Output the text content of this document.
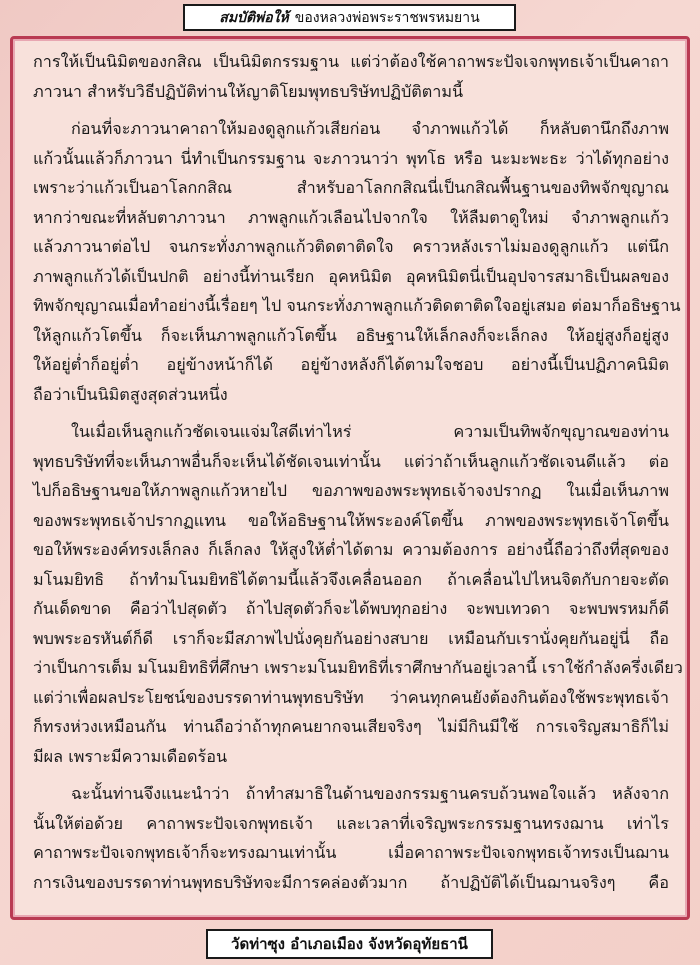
สมบัติพ่อให้ ของหลวงพ่อพระราชพรหมยาน

การให้เป็นนิมิตของกสิณ เป็นนิมิตกรรมฐาน แต่ว่าต้องใช้คาถาพระปัจเจกพุทธเจ้าเป็นคาถา
ภาวนา สำหรับวิธีปฏิบัติท่านให้ญาติโยมพุทธบริษัทปฏิบัติตามนี้

ก่อนที่จะภาวนาคาถาให้มองดูลูกแก้วเสียก่อน จำภาพแก้วได้ ก็หลับตานึกถึงภาพ
แก้วนั้นแล้วก็ภาวนา นี่ทำเป็นกรรมฐาน จะภาวนาว่า พุทโธ หรือ นะมะพะธะ ว่าได้ทุกอย่าง
เพราะว่าแก้วเป็นอาโลกกสิณ สำหรับอาโลกกสิณนี่เป็นกสิณพื้นฐานของทิพจักขุญาณ
หากว่าขณะที่หลับตาภาวนา ภาพลูกแก้วเลือนไปจากใจ ให้ลืมตาดูใหม่ จำภาพลูกแก้ว
แล้วภาวนาต่อไป จนกระทั่งภาพลูกแก้วติดตาติดใจ คราวหลังเราไม่มองดูลูกแก้ว แต่นึก
ภาพลูกแก้วได้เป็นปกติ อย่างนี้ท่านเรียก อุคหนิมิต อุคหนิมิตนี่เป็นอุปจารสมาธิเป็นผลของ
ทิพจักขุญาณเมื่อทำอย่างนี้เรื่อยๆ ไป จนกระทั่งภาพลูกแก้วติดตาติดใจอยู่เสมอ ต่อมาก็อธิษฐาน
ให้ลูกแก้วโตขึ้น ก็จะเห็นภาพลูกแก้วโตขึ้น อธิษฐานให้เล็กลงก็จะเล็กลง ให้อยู่สูงก็อยู่สูง
ให้อยู่ต่ำก็อยู่ต่ำ อยู่ข้างหน้าก็ได้ อยู่ข้างหลังก็ได้ตามใจชอบ อย่างนี้เป็นปฏิภาคนิมิต
ถือว่าเป็นนิมิตสูงสุดส่วนหนึ่ง

ในเมื่อเห็นลูกแก้วชัดเจนแจ่มใสดีเท่าไหร่ ความเป็นทิพจักขุญาณของท่าน
พุทธบริษัทที่จะเห็นภาพอื่นก็จะเห็นได้ชัดเจนเท่านั้น แต่ว่าถ้าเห็นลูกแก้วชัดเจนดีแล้ว ต่อ
ไปก็อธิษฐานขอให้ภาพลูกแก้วหายไป ขอภาพของพระพุทธเจ้าจงปรากฏ ในเมื่อเห็นภาพ
ของพระพุทธเจ้าปรากฏแทน ขอให้อธิษฐานให้พระองค์โตขึ้น ภาพของพระพุทธเจ้าโตขึ้น
ขอให้พระองค์ทรงเล็กลง ก็เล็กลง ให้สูงให้ต่ำได้ตาม ความต้องการ อย่างนี้ถือว่าถึงที่สุดของ
มโนมยิทธิ ถ้าทำมโนมยิทธิได้ตามนี้แล้วจึงเคลื่อนออก ถ้าเคลื่อนไปไหนจิตกับกายจะตัด
กันเด็ดขาด คือว่าไปสุดตัว ถ้าไปสุดตัวก็จะได้พบทุกอย่าง จะพบเทวดา จะพบพรหมก็ดี
พบพระอรหันต์ก็ดี เราก็จะมีสภาพไปนั่งคุยกันอย่างสบาย เหมือนกับเรานั่งคุยกันอยู่นี่ ถือ
ว่าเป็นการเต็ม มโนมยิทธิที่ศึกษา เพราะมโนมยิทธิที่เราศึกษากันอยู่เวลานี้ เราใช้กำลังครึ่งเดียว
แต่ว่าเพื่อผลประโยชน์ของบรรดาท่านพุทธบริษัท ว่าคนทุกคนยังต้องกินต้องใช้พระพุทธเจ้า
ก็ทรงห่วงเหมือนกัน ท่านถือว่าถ้าทุกคนยากจนเสียจริงๆ ไม่มีกินมีใช้ การเจริญสมาธิก็ไม่
มีผล เพราะมีความเดือดร้อน

ฉะนั้นท่านจึงแนะนำว่า ถ้าทำสมาธิในด้านของกรรมฐานครบถ้วนพอใจแล้ว หลังจาก
นั้นให้ต่อด้วย คาถาพระปัจเจกพุทธเจ้า และเวลาที่เจริญพระกรรมฐานทรงฌาน เท่าไร
คาถาพระปัจเจกพุทธเจ้าก็จะทรงฌานเท่านั้น เมื่อคาถาพระปัจเจกพุทธเจ้าทรงเป็นฌาน
การเงินของบรรดาท่านพุทธบริษัทจะมีการคล่องตัวมาก ถ้าปฏิบัติได้เป็นฌานจริงๆ คือ

วัดท่าซุง อำเภอเมือง จังหวัดอุทัยธานี
